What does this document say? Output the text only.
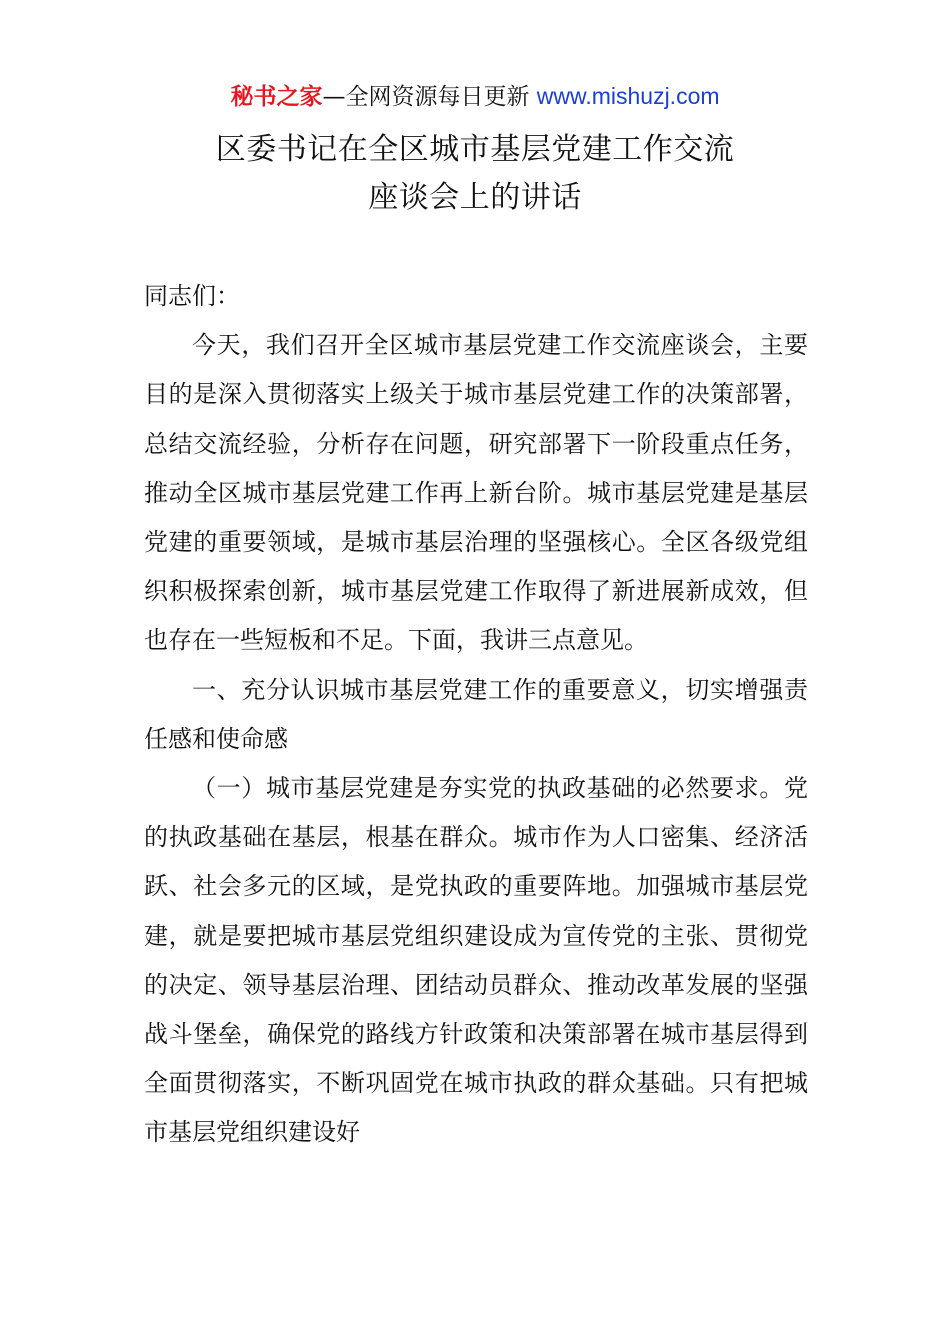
秘书之家—全网资源每日更新 www.mishuzj.com
区委书记在全区城市基层党建工作交流
座谈会上的讲话

同志们：

今天，我们召开全区城市基层党建工作交流座谈会，主要目的是深入贯彻落实上级关于城市基层党建工作的决策部署，总结交流经验，分析存在问题，研究部署下一阶段重点任务，推动全区城市基层党建工作再上新台阶。城市基层党建是基层党建的重要领域，是城市基层治理的坚强核心。全区各级党组织积极探索创新，城市基层党建工作取得了新进展新成效，但也存在一些短板和不足。下面，我讲三点意见。

一、充分认识城市基层党建工作的重要意义，切实增强责任感和使命感

（一）城市基层党建是夯实党的执政基础的必然要求。党的执政基础在基层，根基在群众。城市作为人口密集、经济活跃、社会多元的区域，是党执政的重要阵地。加强城市基层党建，就是要把城市基层党组织建设成为宣传党的主张、贯彻党的决定、领导基层治理、团结动员群众、推动改革发展的坚强战斗堡垒，确保党的路线方针政策和决策部署在城市基层得到全面贯彻落实，不断巩固党在城市执政的群众基础。只有把城市基层党组织建设好
